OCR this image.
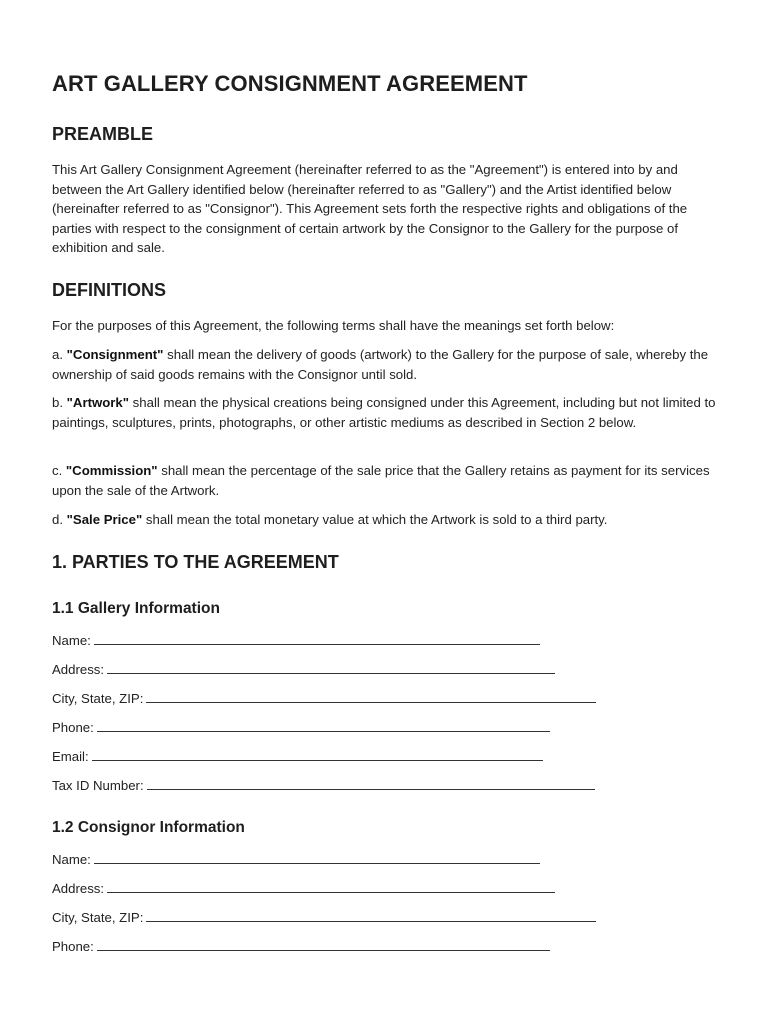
ART GALLERY CONSIGNMENT AGREEMENT
PREAMBLE
This Art Gallery Consignment Agreement (hereinafter referred to as the "Agreement") is entered into by and between the Art Gallery identified below (hereinafter referred to as "Gallery") and the Artist identified below (hereinafter referred to as "Consignor"). This Agreement sets forth the respective rights and obligations of the parties with respect to the consignment of certain artwork by the Consignor to the Gallery for the purpose of exhibition and sale.
DEFINITIONS
For the purposes of this Agreement, the following terms shall have the meanings set forth below:
a. "Consignment" shall mean the delivery of goods (artwork) to the Gallery for the purpose of sale, whereby the ownership of said goods remains with the Consignor until sold.
b. "Artwork" shall mean the physical creations being consigned under this Agreement, including but not limited to paintings, sculptures, prints, photographs, or other artistic mediums as described in Section 2 below.
c. "Commission" shall mean the percentage of the sale price that the Gallery retains as payment for its services upon the sale of the Artwork.
d. "Sale Price" shall mean the total monetary value at which the Artwork is sold to a third party.
1. PARTIES TO THE AGREEMENT
1.1 Gallery Information
Name:
Address:
City, State, ZIP:
Phone:
Email:
Tax ID Number:
1.2 Consignor Information
Name:
Address:
City, State, ZIP:
Phone:
